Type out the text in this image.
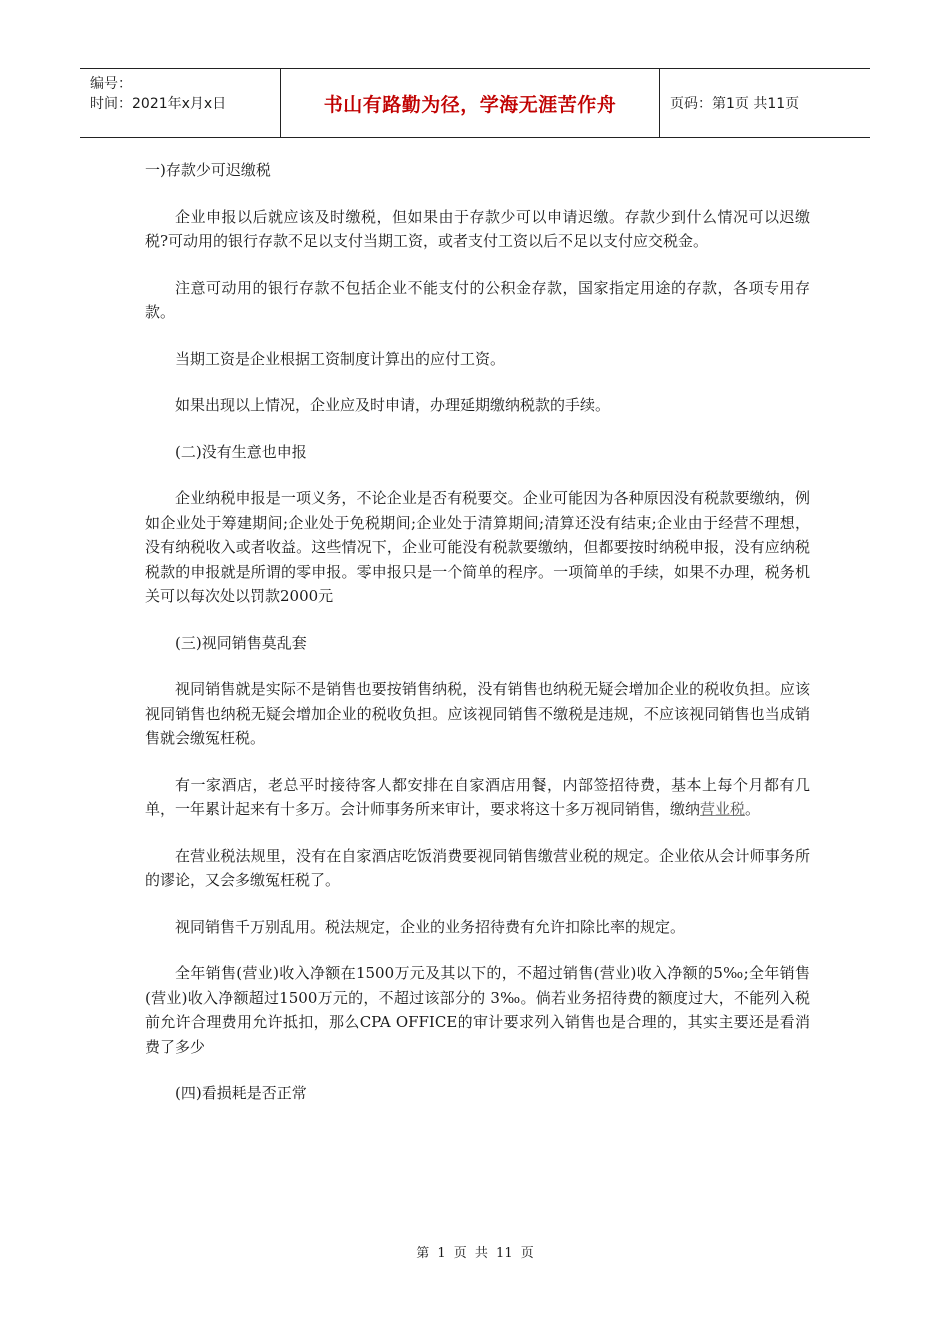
编号：
时间：2021年x月x日	书山有路勤为径，学海无涯苦作舟	页码：第1页 共11页

一)存款少可迟缴税

企业申报以后就应该及时缴税，但如果由于存款少可以申请迟缴。存款少到什么情况可以迟缴税?可动用的银行存款不足以支付当期工资，或者支付工资以后不足以支付应交税金。

注意可动用的银行存款不包括企业不能支付的公积金存款，国家指定用途的存款，各项专用存款。

当期工资是企业根据工资制度计算出的应付工资。

如果出现以上情况，企业应及时申请，办理延期缴纳税款的手续。

(二)没有生意也申报

企业纳税申报是一项义务，不论企业是否有税要交。企业可能因为各种原因没有税款要缴纳，例如企业处于筹建期间;企业处于免税期间;企业处于清算期间;清算还没有结束;企业由于经营不理想，没有纳税收入或者收益。这些情况下，企业可能没有税款要缴纳，但都要按时纳税申报，没有应纳税税款的申报就是所谓的零申报。零申报只是一个简单的程序。一项简单的手续，如果不办理，税务机关可以每次处以罚款2000元

(三)视同销售莫乱套

视同销售就是实际不是销售也要按销售纳税，没有销售也纳税无疑会增加企业的税收负担。应该视同销售也纳税无疑会增加企业的税收负担。应该视同销售不缴税是违规，不应该视同销售也当成销售就会缴冤枉税。

有一家酒店，老总平时接待客人都安排在自家酒店用餐，内部签招待费，基本上每个月都有几单，一年累计起来有十多万。会计师事务所来审计，要求将这十多万视同销售，缴纳营业税。

在营业税法规里，没有在自家酒店吃饭消费要视同销售缴营业税的规定。企业依从会计师事务所的谬论，又会多缴冤枉税了。

视同销售千万别乱用。税法规定，企业的业务招待费有允许扣除比率的规定。

全年销售(营业)收入净额在1500万元及其以下的，不超过销售(营业)收入净额的5‰;全年销售(营业)收入净额超过1500万元的，不超过该部分的 3‰。倘若业务招待费的额度过大，不能列入税前允许合理费用允许抵扣，那么CPA OFFICE的审计要求列入销售也是合理的，其实主要还是看消费了多少

(四)看损耗是否正常

第 1 页 共 11 页
